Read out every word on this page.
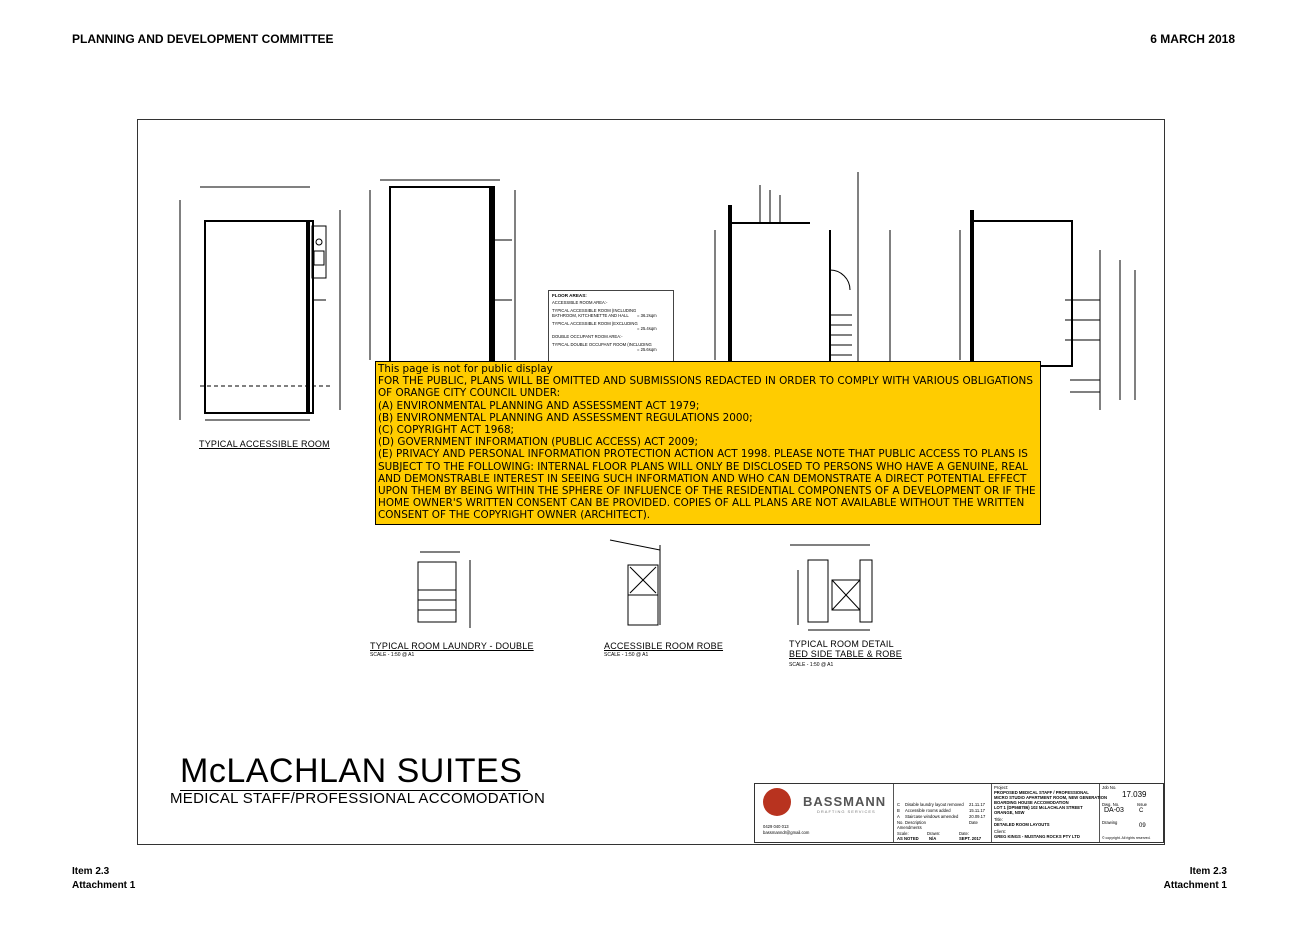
PLANNING AND DEVELOPMENT COMMITTEE	6 MARCH 2018
FLOOR AREAS:
ACCESSIBLE ROOM AREA:-
TYPICAL ACCESSIBLE ROOM (INCLUDING
BATHROOM, KITCHENETTE AND HALL = 36.2sqm
TYPICAL ACCESSIBLE ROOM (EXCLUDING
= 25.4sqm
DOUBLE OCCUPANT ROOM AREA:-
TYPICAL DOUBLE OCCUPANT ROOM (INCLUDING
= 25.6sqm
TYPICAL ACCESSIBLE ROOM
TYPICAL ROOM LAUNDRY - DOUBLE
SCALE - 1:50 @ A1
ACCESSIBLE ROOM ROBE
SCALE - 1:50 @ A1
TYPICAL ROOM DETAIL
BED SIDE TABLE & ROBE
SCALE - 1:50 @ A1
McLACHLAN SUITES
MEDICAL STAFF/PROFESSIONAL ACCOMODATION
This page is not for public display
FOR THE PUBLIC, PLANS WILL BE OMITTED AND SUBMISSIONS REDACTED IN ORDER TO COMPLY WITH VARIOUS OBLIGATIONS OF ORANGE CITY COUNCIL UNDER:
(A) ENVIRONMENTAL PLANNING AND ASSESSMENT ACT 1979;
(B) ENVIRONMENTAL PLANNING AND ASSESSMENT REGULATIONS 2000;
(C) COPYRIGHT ACT 1968;
(D) GOVERNMENT INFORMATION (PUBLIC ACCESS) ACT 2009;
(E) PRIVACY AND PERSONAL INFORMATION PROTECTION ACTION ACT 1998. PLEASE NOTE THAT PUBLIC ACCESS TO PLANS IS SUBJECT TO THE FOLLOWING: INTERNAL FLOOR PLANS WILL ONLY BE DISCLOSED TO PERSONS WHO HAVE A GENUINE, REAL AND DEMONSTRABLE INTEREST IN SEEING SUCH INFORMATION AND WHO CAN DEMONSTRATE A DIRECT POTENTIAL EFFECT UPON THEM BY BEING WITHIN THE SPHERE OF INFLUENCE OF THE RESIDENTIAL COMPONENTS OF A DEVELOPMENT OR IF THE HOME OWNER'S WRITTEN CONSENT CAN BE PROVIDED. COPIES OF ALL PLANS ARE NOT AVAILABLE WITHOUT THE WRITTEN CONSENT OF THE COPYRIGHT OWNER (ARCHITECT).
BASSMANN
DRAFTING SERVICES
0429 040 013
bassmanndr@gmail.com
C Disable laundry layout removed 21.11.17
B Accessible rooms added	15.11.17
A Staircase windows amended	20.09.17
No. Description	Date
Amendments
Scale:
AS NOTED
Drawn:
N/A
Date:
SEPT. 2017
Project:
PROPOSED MEDICAL STAFF / PROFESSIONAL
MICRO STUDIO APARTMENT ROOM, NEW GENERATION
BOARDING HOUSE ACCOMODATION
LOT 1 (DP568786) 102 McLACHLAN STREET
ORANGE, NSW
Title:
DETAILED ROOM LAYOUTS
Client:
GREG KINGS - MUSTANG ROCKS PTY LTD
Job No.
17.039
Dwg. No.
DA-03
Issue
C
Drawing
09
© copyright. All rights reserved.
Item 2.3
Attachment 1
Item 2.3
Attachment 1
